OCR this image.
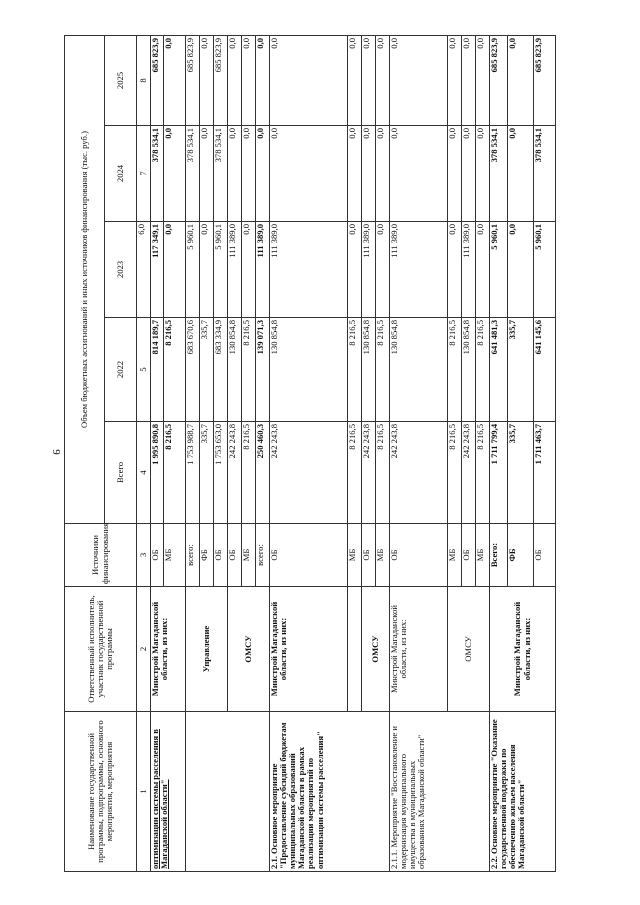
9
Наименование государственной программы, подпрограммы, основного мероприятия, мероприятия	Ответственный исполнитель, участник государственной программы	Источники финансирования	Объем бюджетных ассигнований и иных источников финансирования (тыс. руб.)				
			Всего	2022	2023	2024	2025
1	2	3	4	5	6,0	7	8
оптимизации системы расселения в Магаданской области"	Минстрой Магаданской области, из них:	ОБ	1 995 890,8	814 189,7	117 349,1	378 534,1	685 823,9
		МБ	8 216,5	8 216,5	0,0	0,0	0,0
	Управление	всего:	1 753 988,7	683 670,6	5 960,1	378 534,1	685 823,9
		ФБ	335,7	335,7	0,0	0,0	0,0
		ОБ	1 753 653,0	683 334,9	5 960,1	378 534,1	685 823,9
	ОМСУ	ОБ	242 243,8	130 854,8	111 389,0	0,0	0,0
		МБ	8 216,5	8 216,5	0,0	0,0	0,0
		всего:	250 460,3	139 071,3	111 389,0	0,0	0,0
2.1. Основное мероприятие "Предоставление субсидий бюджетам муниципальных образований Магаданской области в рамках реализации мероприятий по оптимизации системы расселения"	Минстрой Магаданской области, из них:	ОБ	242 243,8	130 854,8	111 389,0	0,0	0,0
		МБ	8 216,5	8 216,5	0,0	0,0	0,0
	ОМСУ	ОБ	242 243,8	130 854,8	111 389,0	0,0	0,0
		МБ	8 216,5	8 216,5	0,0	0,0	0,0
2.1.1. Мероприятие "Восстановление и модернизация муниципального имущества в муниципальных образованиях Магаданской области"	Минстрой Магаданской области, из них:	ОБ	242 243,8	130 854,8	111 389,0	0,0	0,0
	ОМСУ	МБ	8 216,5	8 216,5	0,0	0,0	0,0
		ОБ	242 243,8	130 854,8	111 389,0	0,0	0,0
		МБ	8 216,5	8 216,5	0,0	0,0	0,0
2.2. Основное мероприятие "Оказание государственной поддержки по обеспечению жильем населения Магаданской области"	Минстрой Магаданской области, из них:	Всего:	1 711 799,4	641 481,3	5 960,1	378 534,1	685 823,9
		ФБ	335,7	335,7	0,0	0,0	0,0
		ОБ	1 711 463,7	641 145,6	5 960,1	378 534,1	685 823,9
